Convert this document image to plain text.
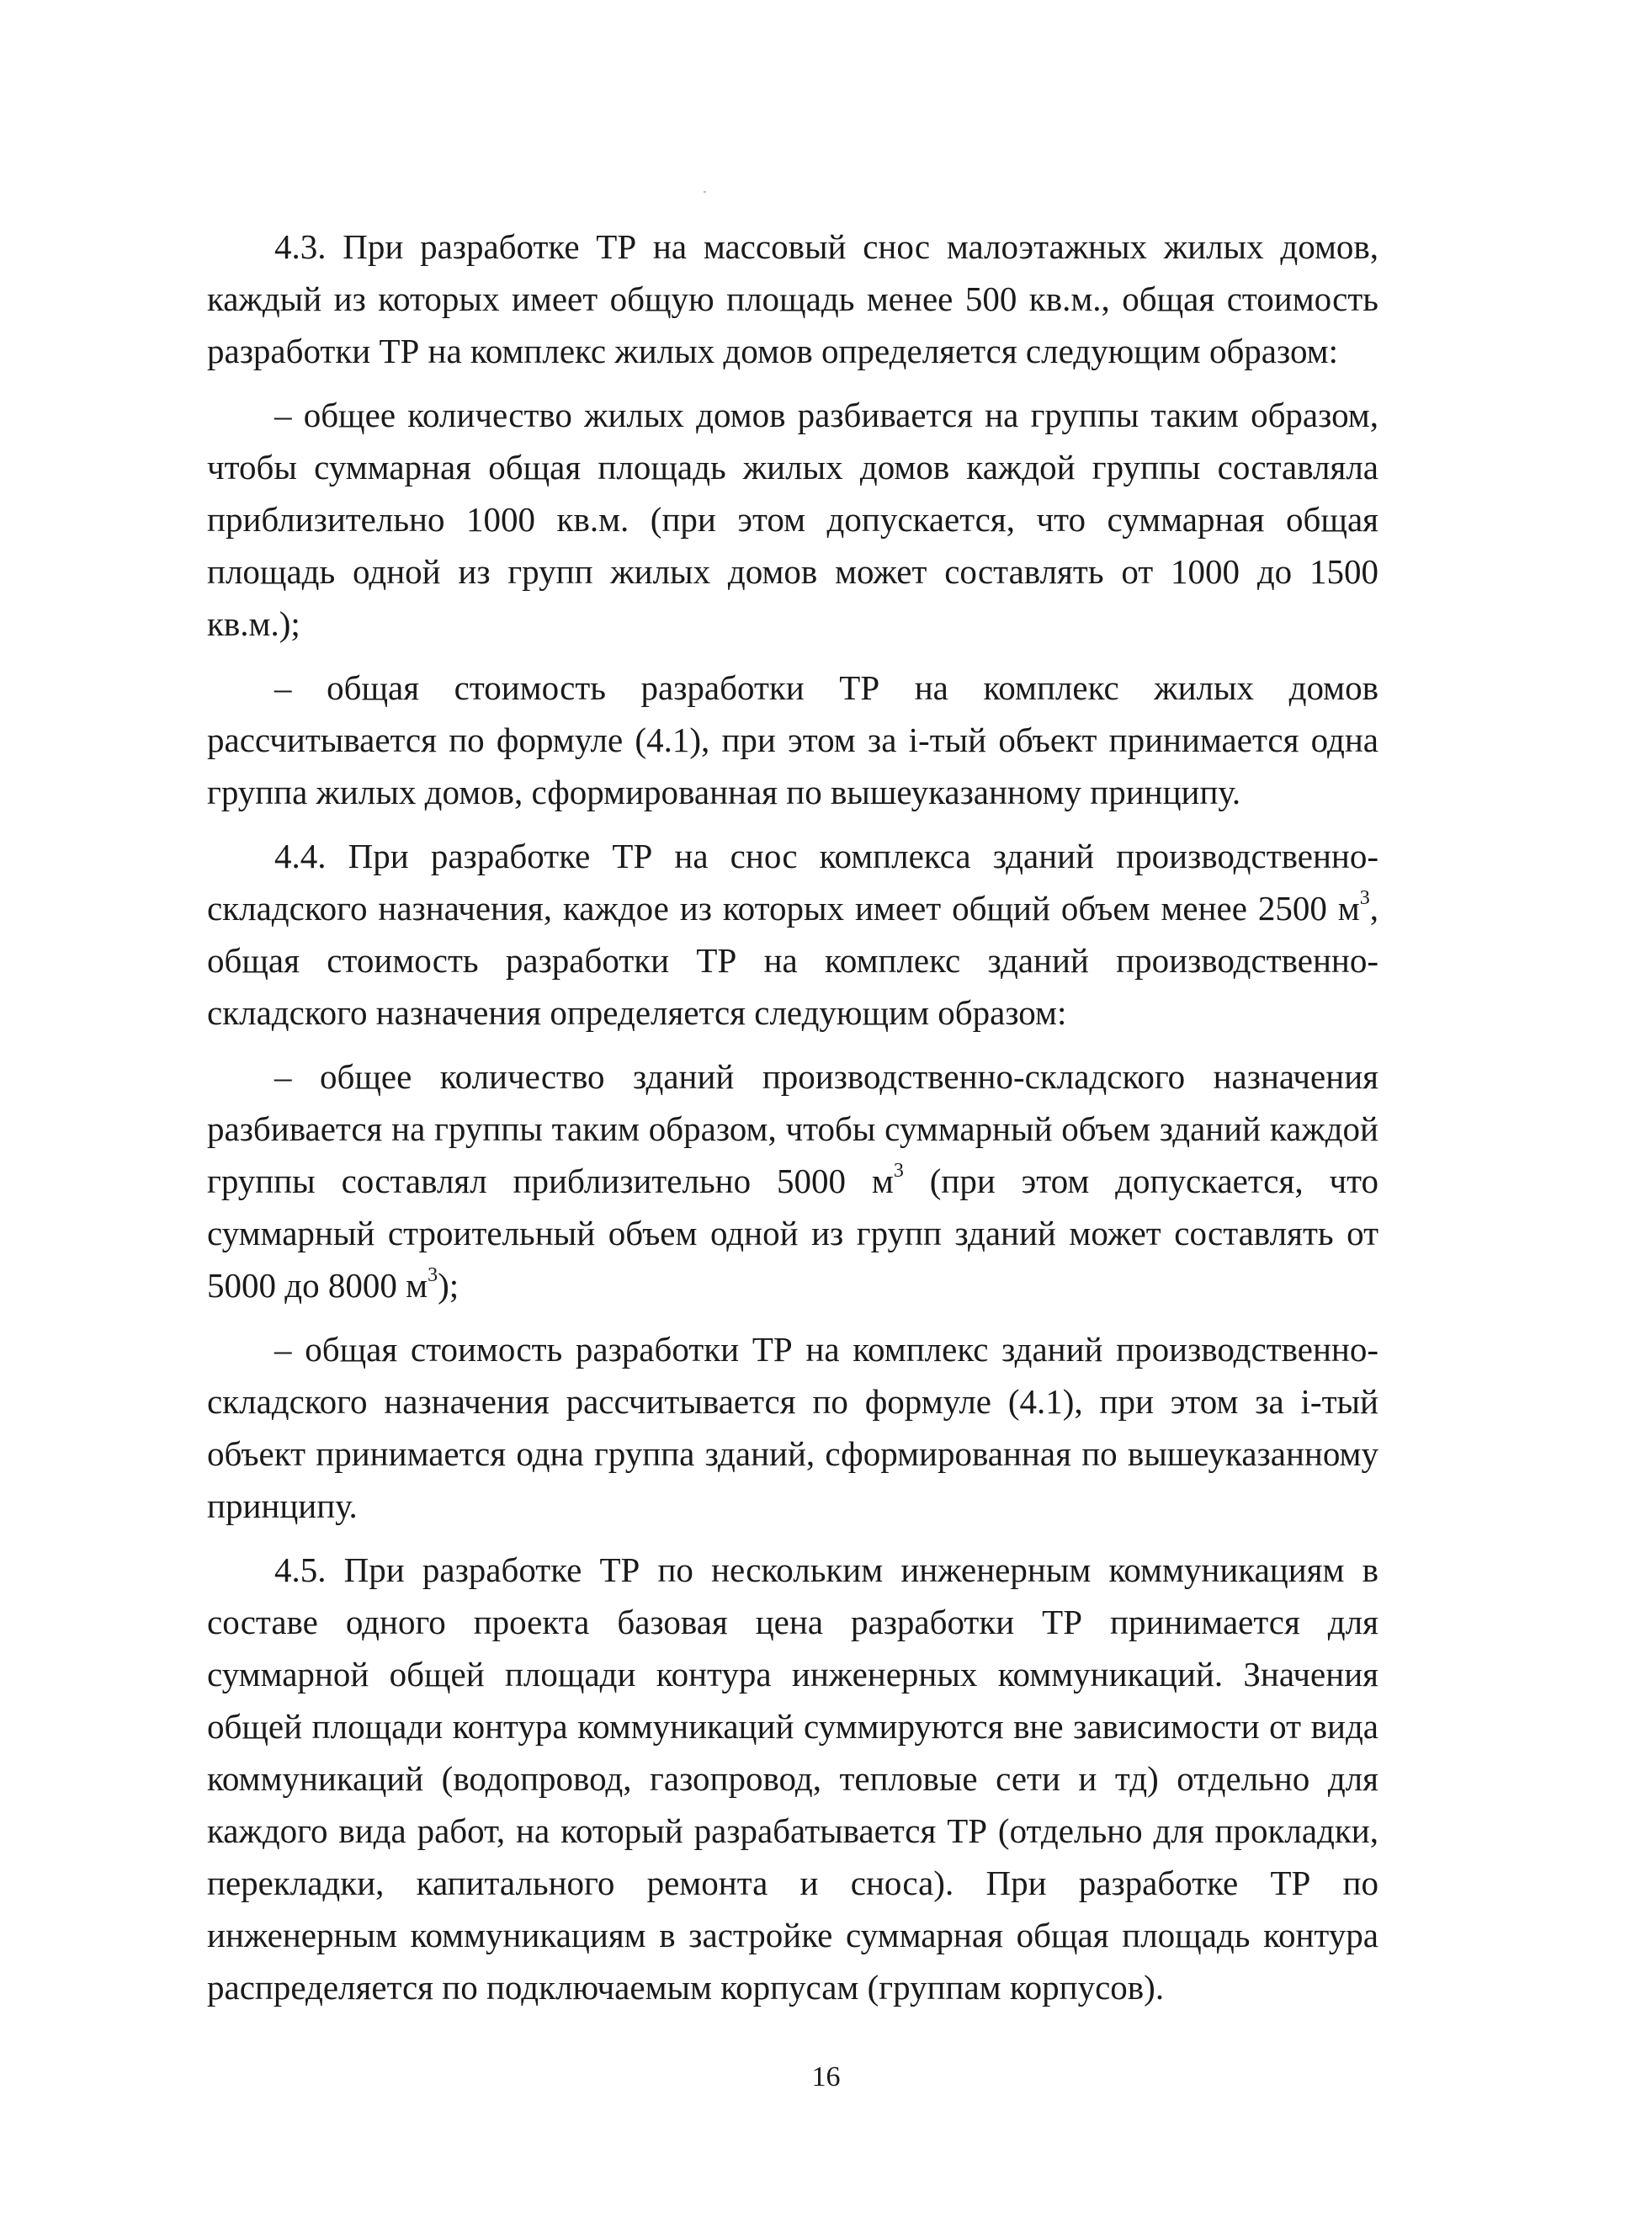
4.3. При разработке ТР на массовый снос малоэтажных жилых домов, каждый из которых имеет общую площадь менее 500 кв.м., общая стоимость разработки ТР на комплекс жилых домов определяется следующим образом:

– общее количество жилых домов разбивается на группы таким образом, чтобы суммарная общая площадь жилых домов каждой группы составляла приблизительно 1000 кв.м. (при этом допускается, что суммарная общая площадь одной из групп жилых домов может составлять от 1000 до 1500 кв.м.);

– общая стоимость разработки ТР на комплекс жилых домов рассчитывается по формуле (4.1), при этом за i-тый объект принимается одна группа жилых домов, сформированная по вышеуказанному принципу.

4.4. При разработке ТР на снос комплекса зданий производственно-складского назначения, каждое из которых имеет общий объем менее 2500 $м^3$, общая стоимость разработки ТР на комплекс зданий производственно-складского назначения определяется следующим образом:

– общее количество зданий производственно-складского назначения разбивается на группы таким образом, чтобы суммарный объем зданий каждой группы составлял приблизительно 5000 $м^3$ (при этом допускается, что суммарный строительный объем одной из групп зданий может составлять от 5000 до 8000 $м^3$);

– общая стоимость разработки ТР на комплекс зданий производственно-складского назначения рассчитывается по формуле (4.1), при этом за i-тый объект принимается одна группа зданий, сформированная по вышеуказанному принципу.

4.5. При разработке ТР по нескольким инженерным коммуникациям в составе одного проекта базовая цена разработки ТР принимается для суммарной общей площади контура инженерных коммуникаций. Значения общей площади контура коммуникаций суммируются вне зависимости от вида коммуникаций (водопровод, газопровод, тепловые сети и тд) отдельно для каждого вида работ, на который разрабатывается ТР (отдельно для прокладки, перекладки, капитального ремонта и сноса). При разработке ТР по инженерным коммуникациям в застройке суммарная общая площадь контура распределяется по подключаемым корпусам (группам корпусов).

16
